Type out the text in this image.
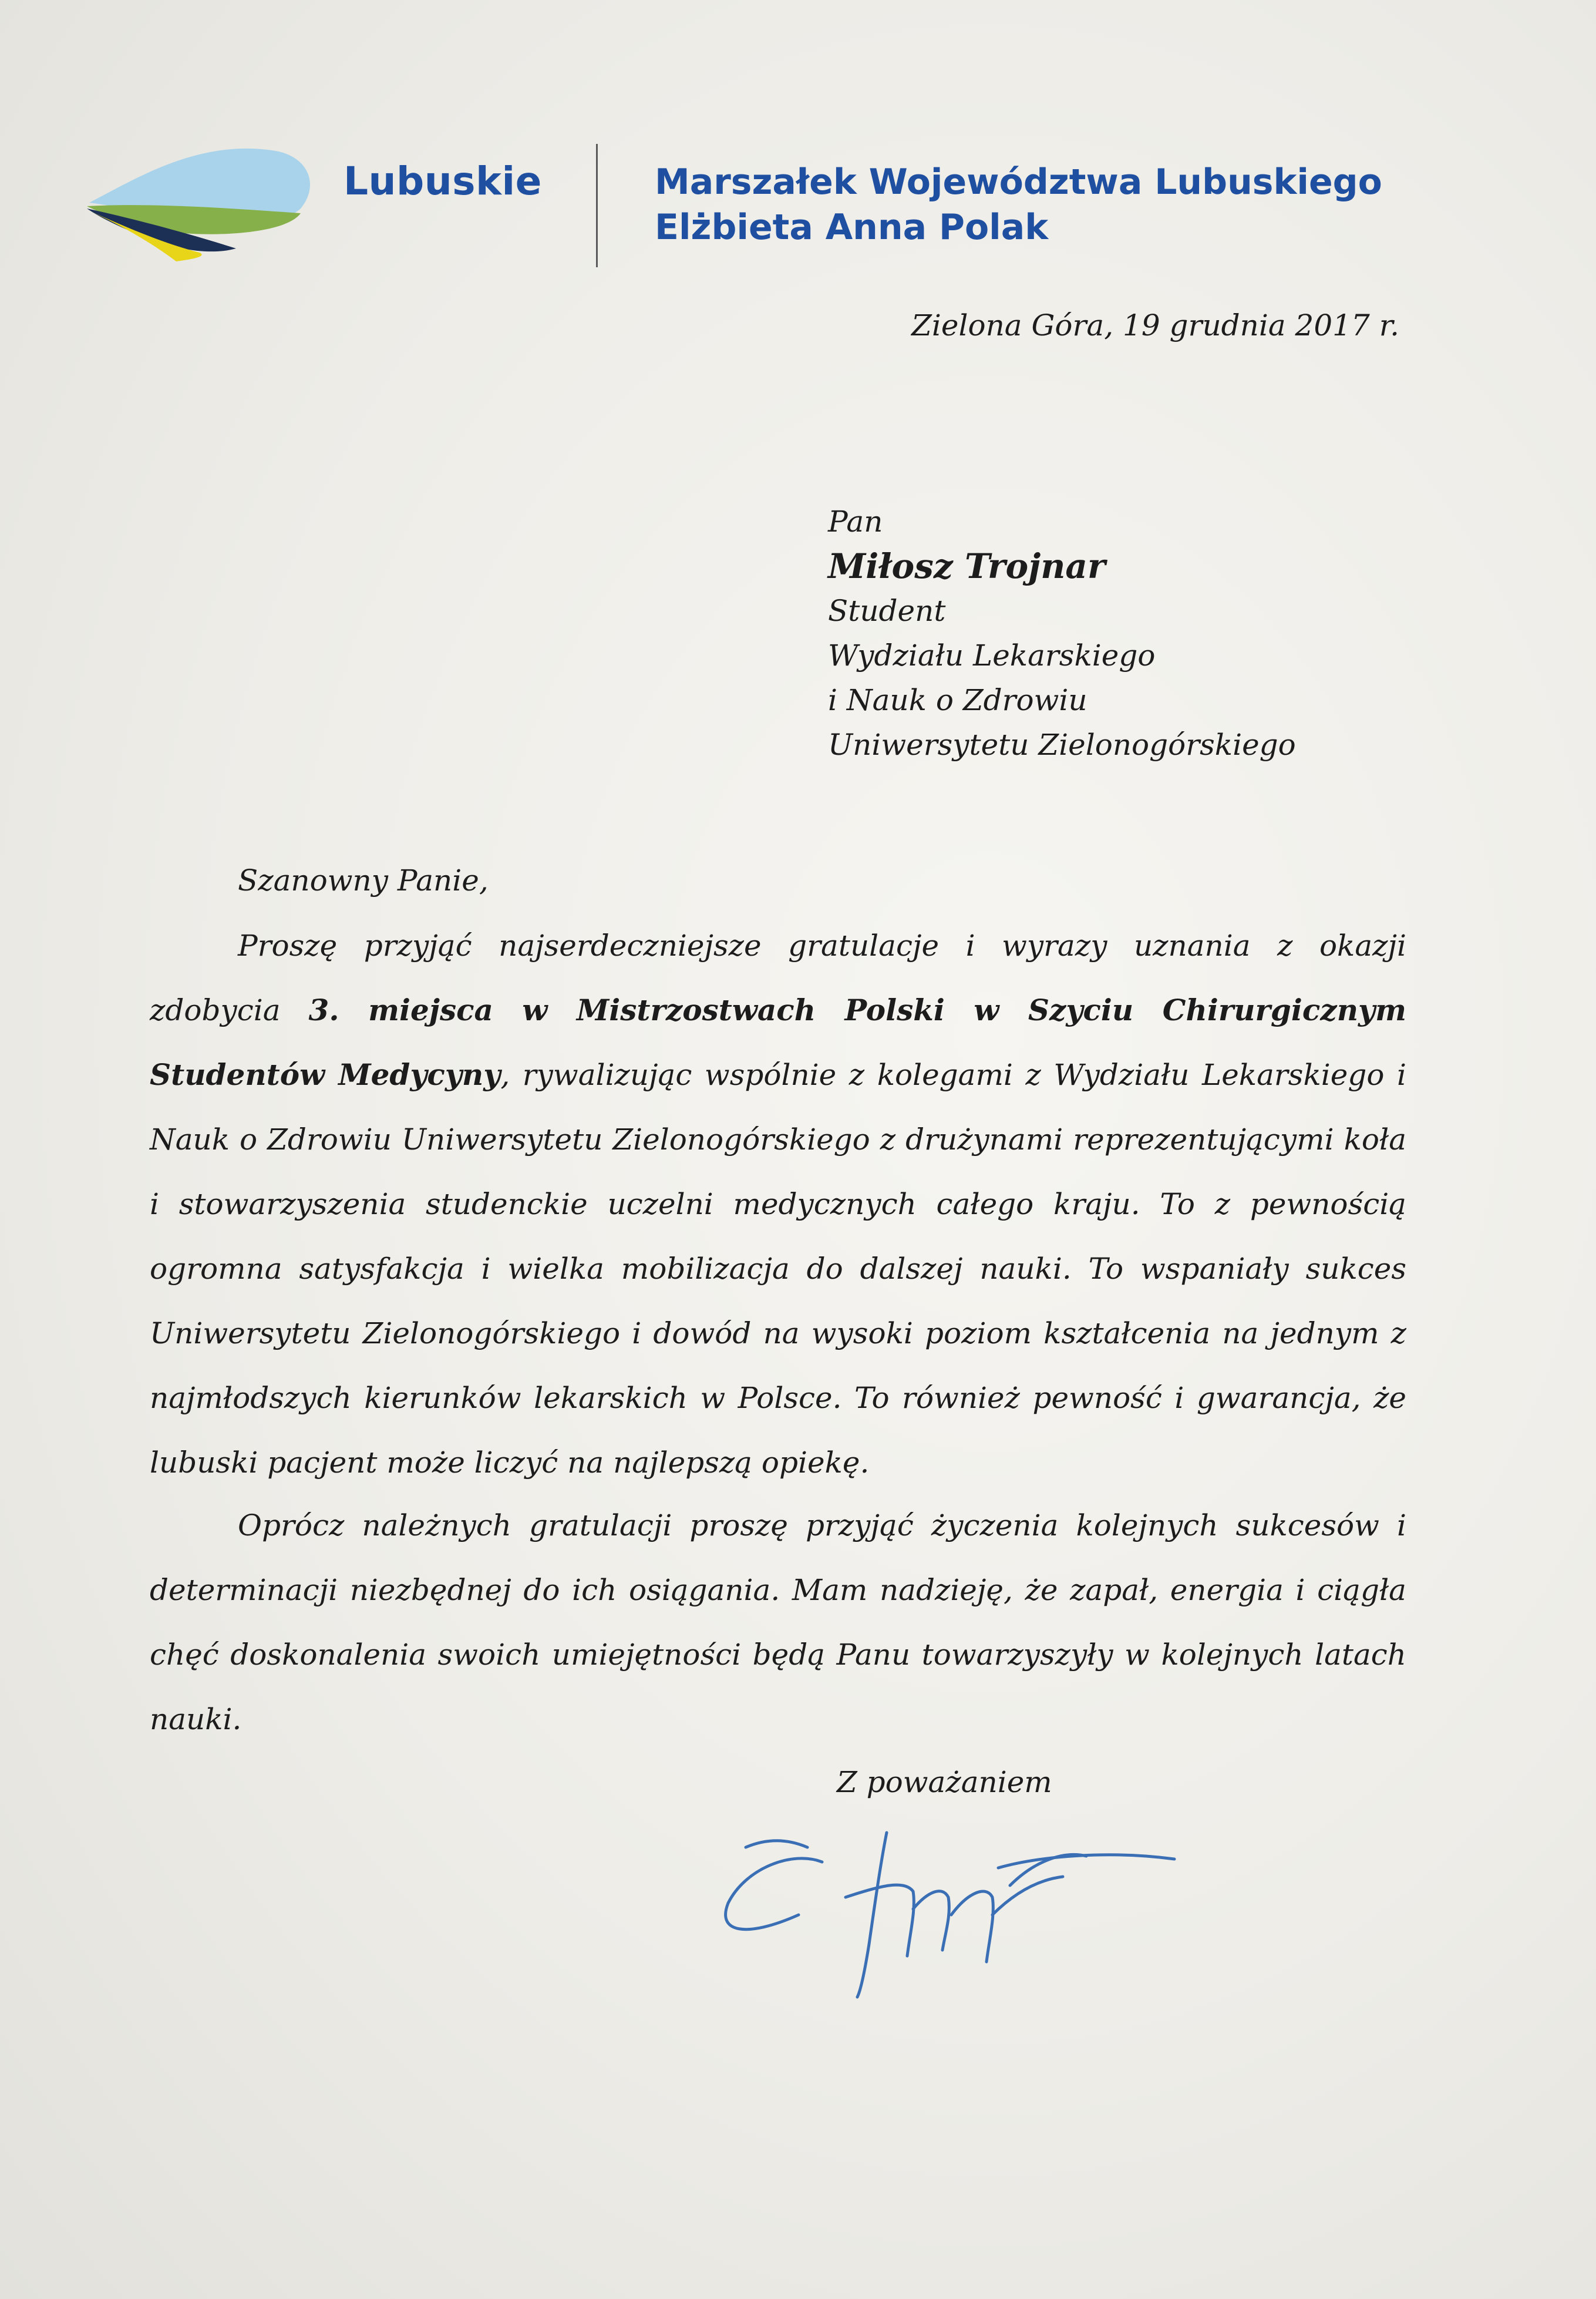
Lubuskie	Marszałek Województwa Lubuskiego
Elżbieta Anna Polak
Zielona Góra, 19 grudnia 2017 r.
Pan
Miłosz Trojnar
Student
Wydziału Lekarskiego
i Nauk o Zdrowiu
Uniwersytetu Zielonogórskiego
Szanowny Panie,

Proszę przyjąć najserdeczniejsze gratulacje i wyrazy uznania z okazji zdobycia 3. miejsca w Mistrzostwach Polski w Szyciu Chirurgicznym Studentów Medycyny, rywalizując wspólnie z kolegami z Wydziału Lekarskiego i Nauk o Zdrowiu Uniwersytetu Zielonogórskiego z drużynami reprezentującymi koła i stowarzyszenia studenckie uczelni medycznych całego kraju. To z pewnością ogromna satysfakcja i wielka mobilizacja do dalszej nauki. To wspaniały sukces Uniwersytetu Zielonogórskiego i dowód na wysoki poziom kształcenia na jednym z najmłodszych kierunków lekarskich w Polsce. To również pewność i gwarancja, że lubuski pacjent może liczyć na najlepszą opiekę.

Oprócz należnych gratulacji proszę przyjąć życzenia kolejnych sukcesów i determinacji niezbędnej do ich osiągania. Mam nadzieję, że zapał, energia i ciągła chęć doskonalenia swoich umiejętności będą Panu towarzyszyły w kolejnych latach nauki.

Z poważaniem
